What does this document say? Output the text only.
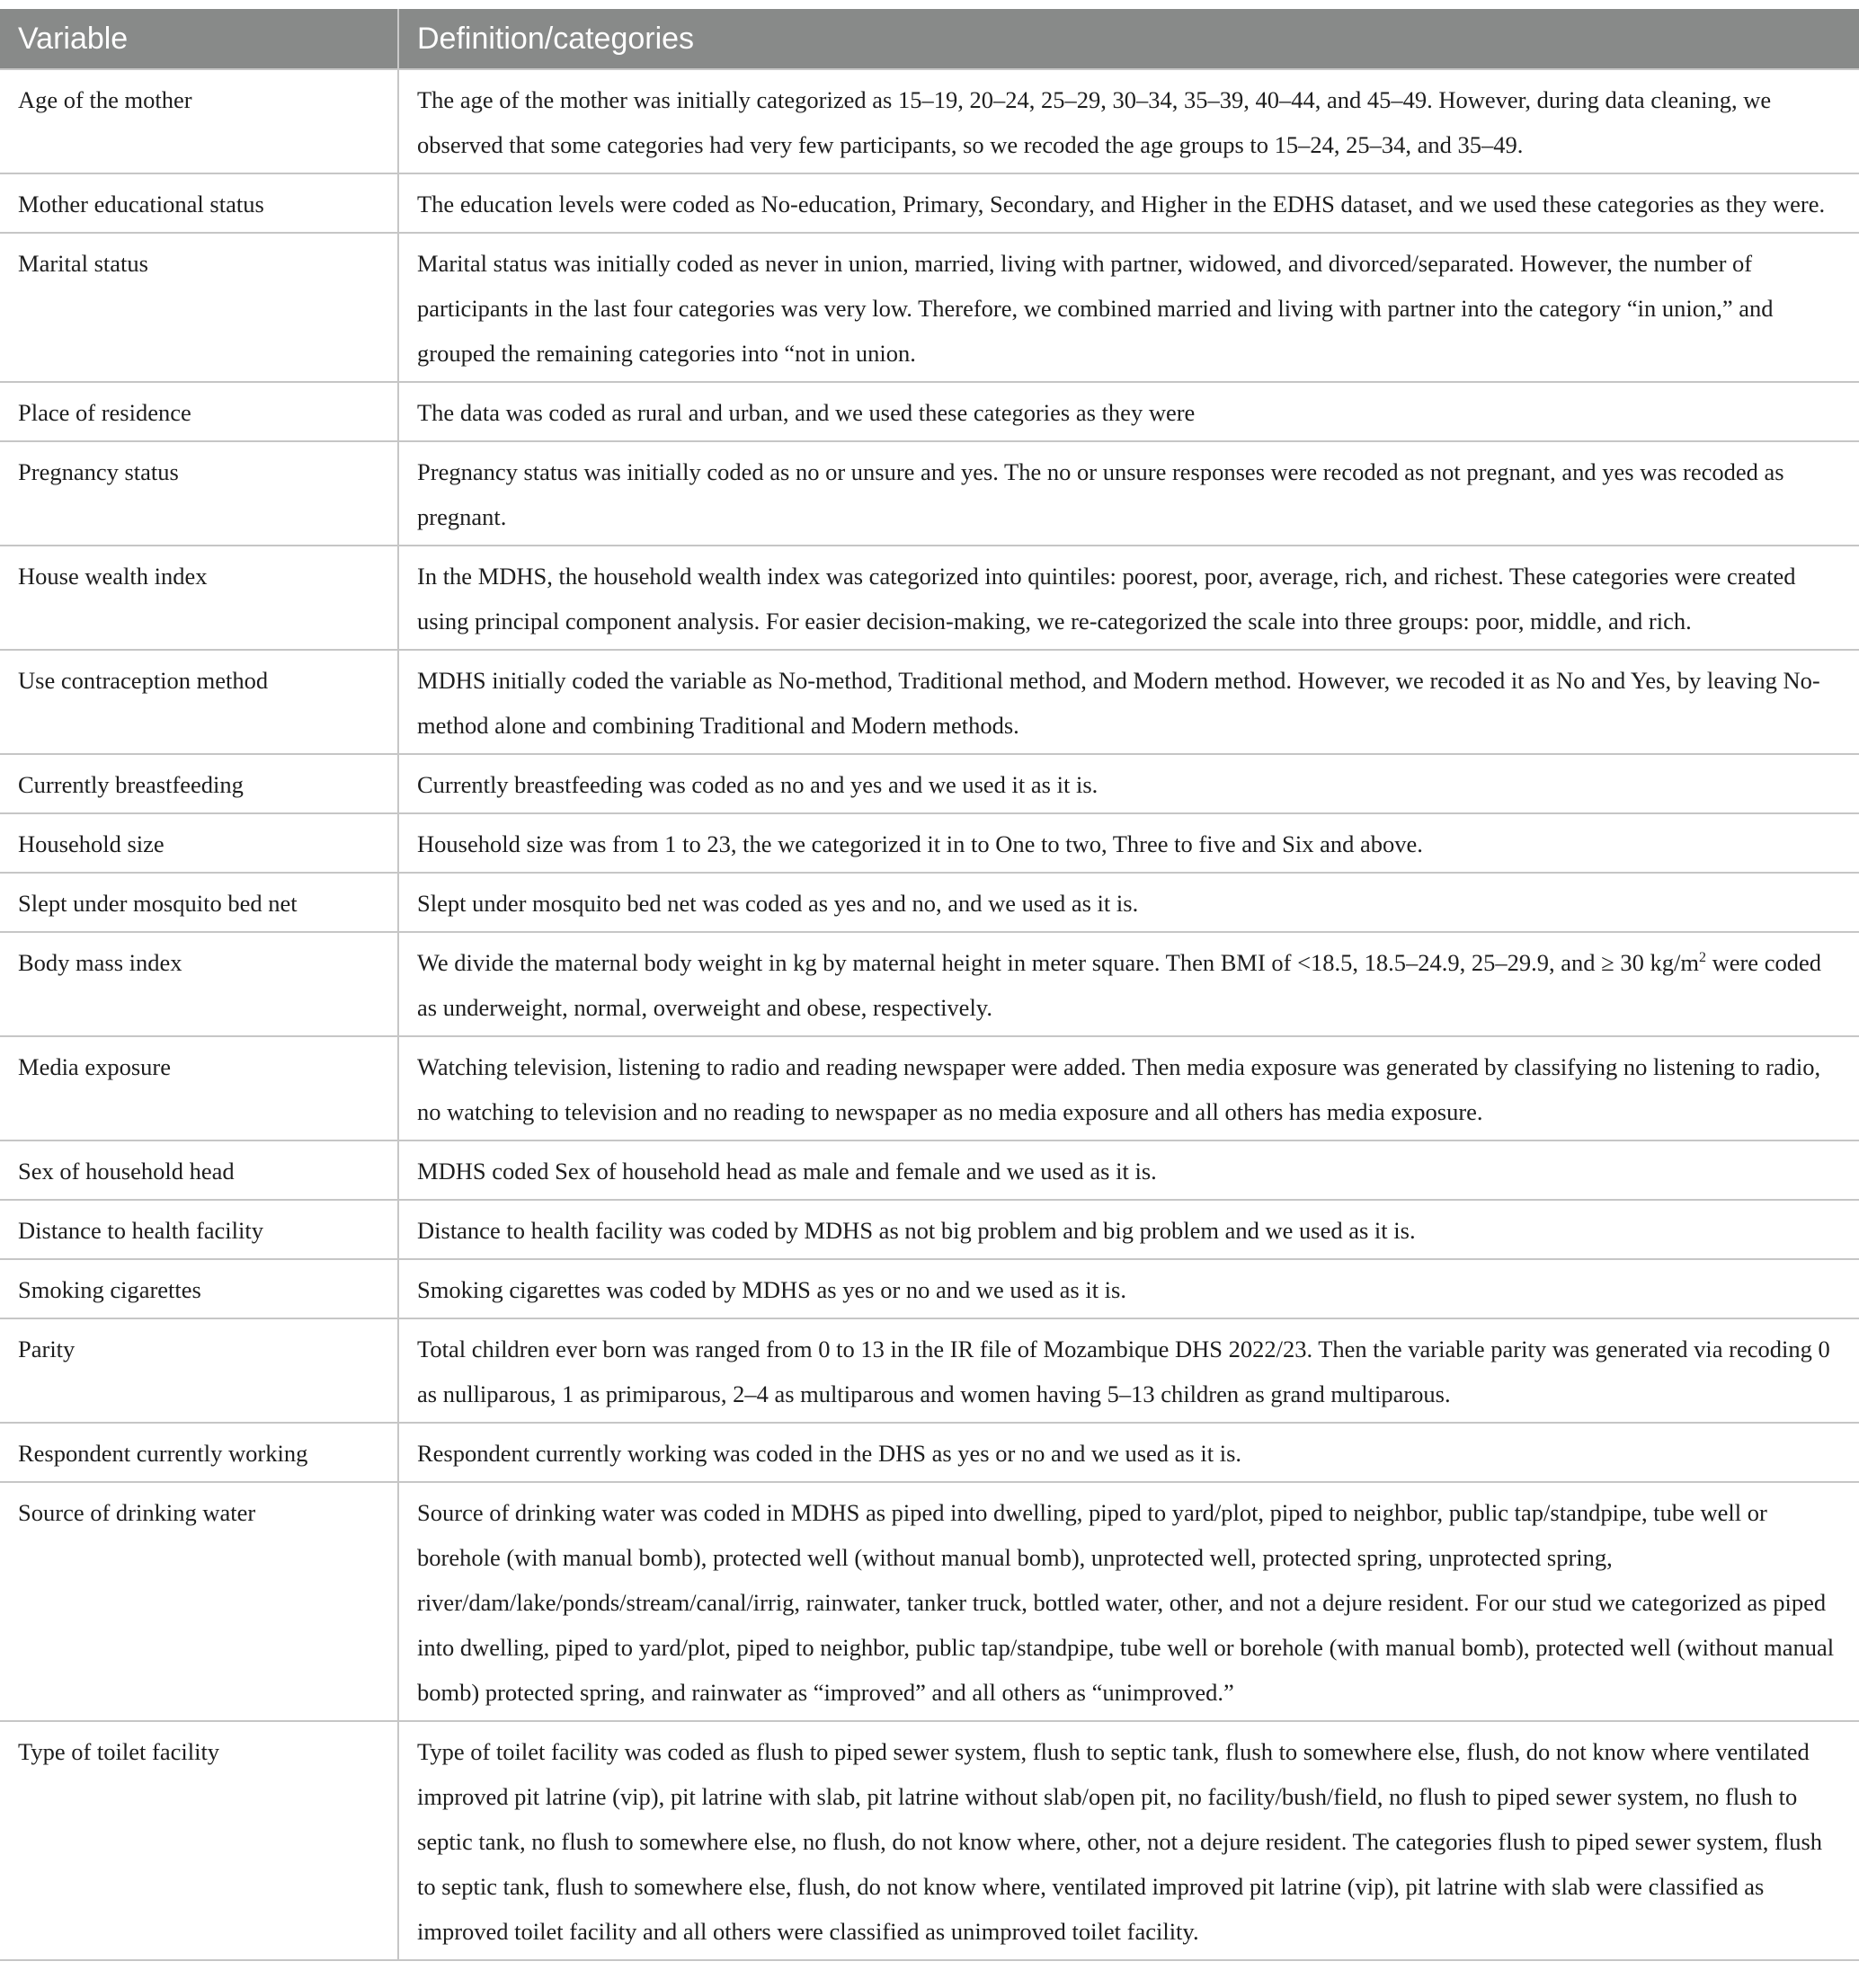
Variable	Definition/categories
Age of the mother	The age of the mother was initially categorized as 15–19, 20–24, 25–29, 30–34, 35–39, 40–44, and 45–49. However, during data cleaning, we observed that some categories had very few participants, so we recoded the age groups to 15–24, 25–34, and 35–49.
Mother educational status	The education levels were coded as No-education, Primary, Secondary, and Higher in the EDHS dataset, and we used these categories as they were.
Marital status	Marital status was initially coded as never in union, married, living with partner, widowed, and divorced/separated. However, the number of participants in the last four categories was very low. Therefore, we combined married and living with partner into the category “in union,” and grouped the remaining categories into “not in union.
Place of residence	The data was coded as rural and urban, and we used these categories as they were
Pregnancy status	Pregnancy status was initially coded as no or unsure and yes. The no or unsure responses were recoded as not pregnant, and yes was recoded as pregnant.
House wealth index	In the MDHS, the household wealth index was categorized into quintiles: poorest, poor, average, rich, and richest. These categories were created using principal component analysis. For easier decision-making, we re-categorized the scale into three groups: poor, middle, and rich.
Use contraception method	MDHS initially coded the variable as No-method, Traditional method, and Modern method. However, we recoded it as No and Yes, by leaving No-method alone and combining Traditional and Modern methods.
Currently breastfeeding	Currently breastfeeding was coded as no and yes and we used it as it is.
Household size	Household size was from 1 to 23, the we categorized it in to One to two, Three to five and Six and above.
Slept under mosquito bed net	Slept under mosquito bed net was coded as yes and no, and we used as it is.
Body mass index	We divide the maternal body weight in kg by maternal height in meter square. Then BMI of <18.5, 18.5–24.9, 25–29.9, and ≥ 30 $kg/m^2$ were coded as underweight, normal, overweight and obese, respectively.
Media exposure	Watching television, listening to radio and reading newspaper were added. Then media exposure was generated by classifying no listening to radio, no watching to television and no reading to newspaper as no media exposure and all others has media exposure.
Sex of household head	MDHS coded Sex of household head as male and female and we used as it is.
Distance to health facility	Distance to health facility was coded by MDHS as not big problem and big problem and we used as it is.
Smoking cigarettes	Smoking cigarettes was coded by MDHS as yes or no and we used as it is.
Parity	Total children ever born was ranged from 0 to 13 in the IR file of Mozambique DHS 2022/23. Then the variable parity was generated via recoding 0 as nulliparous, 1 as primiparous, 2–4 as multiparous and women having 5–13 children as grand multiparous.
Respondent currently working	Respondent currently working was coded in the DHS as yes or no and we used as it is.
Source of drinking water	Source of drinking water was coded in MDHS as piped into dwelling, piped to yard/plot, piped to neighbor, public tap/standpipe, tube well or borehole (with manual bomb), protected well (without manual bomb), unprotected well, protected spring, unprotected spring, river/dam/lake/ponds/stream/canal/irrig, rainwater, tanker truck, bottled water, other, and not a dejure resident. For our stud we categorized as piped into dwelling, piped to yard/plot, piped to neighbor, public tap/standpipe, tube well or borehole (with manual bomb), protected well (without manual bomb) protected spring, and rainwater as “improved” and all others as “unimproved.”
Type of toilet facility	Type of toilet facility was coded as flush to piped sewer system, flush to septic tank, flush to somewhere else, flush, do not know where ventilated improved pit latrine (vip), pit latrine with slab, pit latrine without slab/open pit, no facility/bush/field, no flush to piped sewer system, no flush to septic tank, no flush to somewhere else, no flush, do not know where, other, not a dejure resident. The categories flush to piped sewer system, flush to septic tank, flush to somewhere else, flush, do not know where, ventilated improved pit latrine (vip), pit latrine with slab were classified as improved toilet facility and all others were classified as unimproved toilet facility.
